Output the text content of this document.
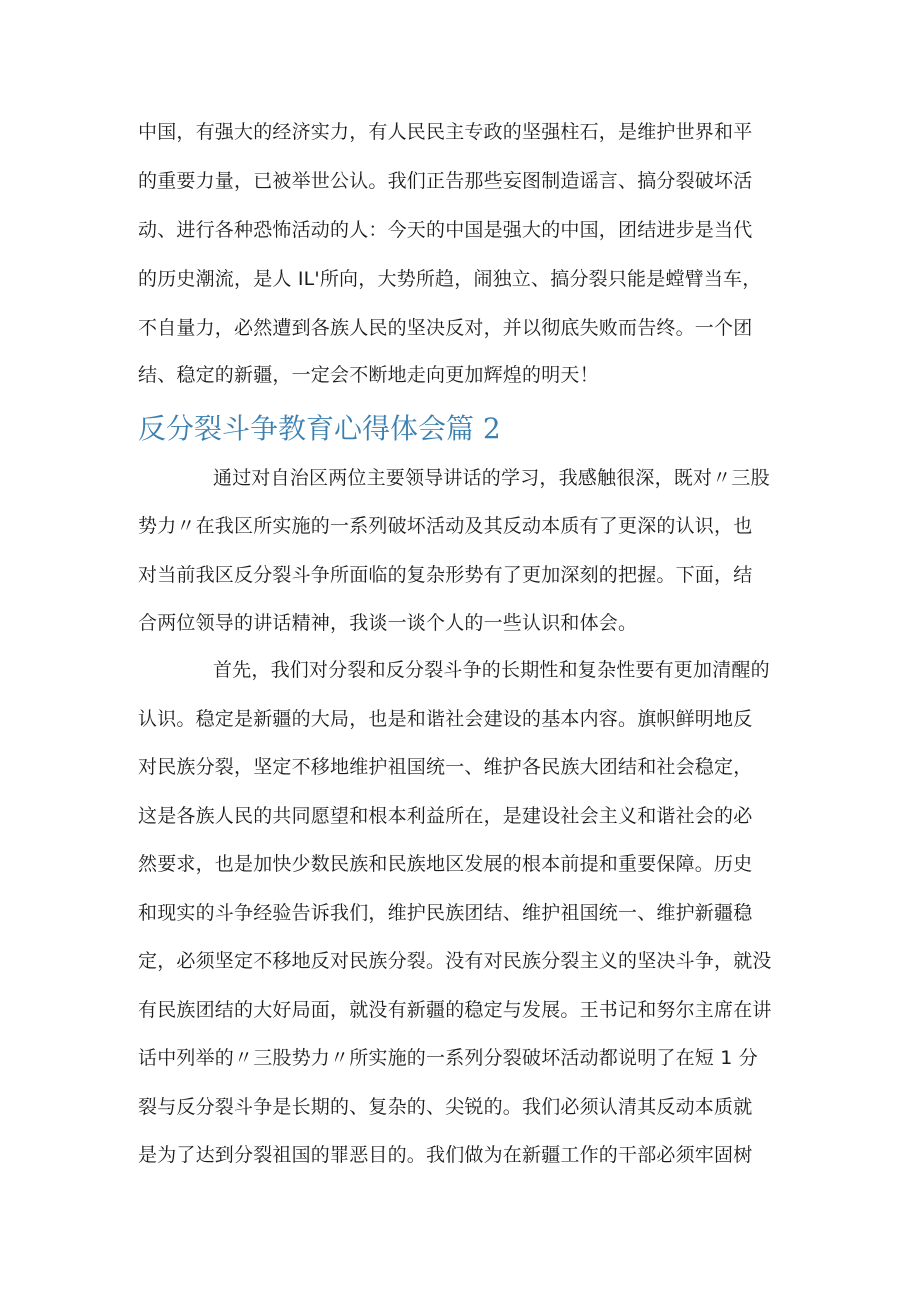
中国，有强大的经济实力，有人民民主专政的坚强柱石，是维护世界和平
的重要力量，已被举世公认。我们正告那些妄图制造谣言、搞分裂破坏活
动、进行各种恐怖活动的人：今天的中国是强大的中国，团结进步是当代
的历史潮流，是人 IL'所向，大势所趋，闹独立、搞分裂只能是螳臂当车，
不自量力，必然遭到各族人民的坚决反对，并以彻底失败而告终。一个团
结、稳定的新疆，一定会不断地走向更加辉煌的明天！
反分裂斗争教育心得体会篇 2
通过对自治区两位主要领导讲话的学习，我感触很深，既对〃三股
势力〃在我区所实施的一系列破坏活动及其反动本质有了更深的认识，也
对当前我区反分裂斗争所面临的复杂形势有了更加深刻的把握。下面，结
合两位领导的讲话精神，我谈一谈个人的一些认识和体会。
首先，我们对分裂和反分裂斗争的长期性和复杂性要有更加清醒的
认识。稳定是新疆的大局，也是和谐社会建设的基本内容。旗帜鲜明地反
对民族分裂，坚定不移地维护祖国统一、维护各民族大团结和社会稳定，
这是各族人民的共同愿望和根本利益所在，是建设社会主义和谐社会的必
然要求，也是加快少数民族和民族地区发展的根本前提和重要保障。历史
和现实的斗争经验告诉我们，维护民族团结、维护祖国统一、维护新疆稳
定，必须坚定不移地反对民族分裂。没有对民族分裂主义的坚决斗争，就没
有民族团结的大好局面，就没有新疆的稳定与发展。王书记和努尔主席在讲
话中列举的〃三股势力〃所实施的一系列分裂破坏活动都说明了在短 1 分
裂与反分裂斗争是长期的、复杂的、尖锐的。我们必须认清其反动本质就
是为了达到分裂祖国的罪恶目的。我们做为在新疆工作的干部必须牢固树
